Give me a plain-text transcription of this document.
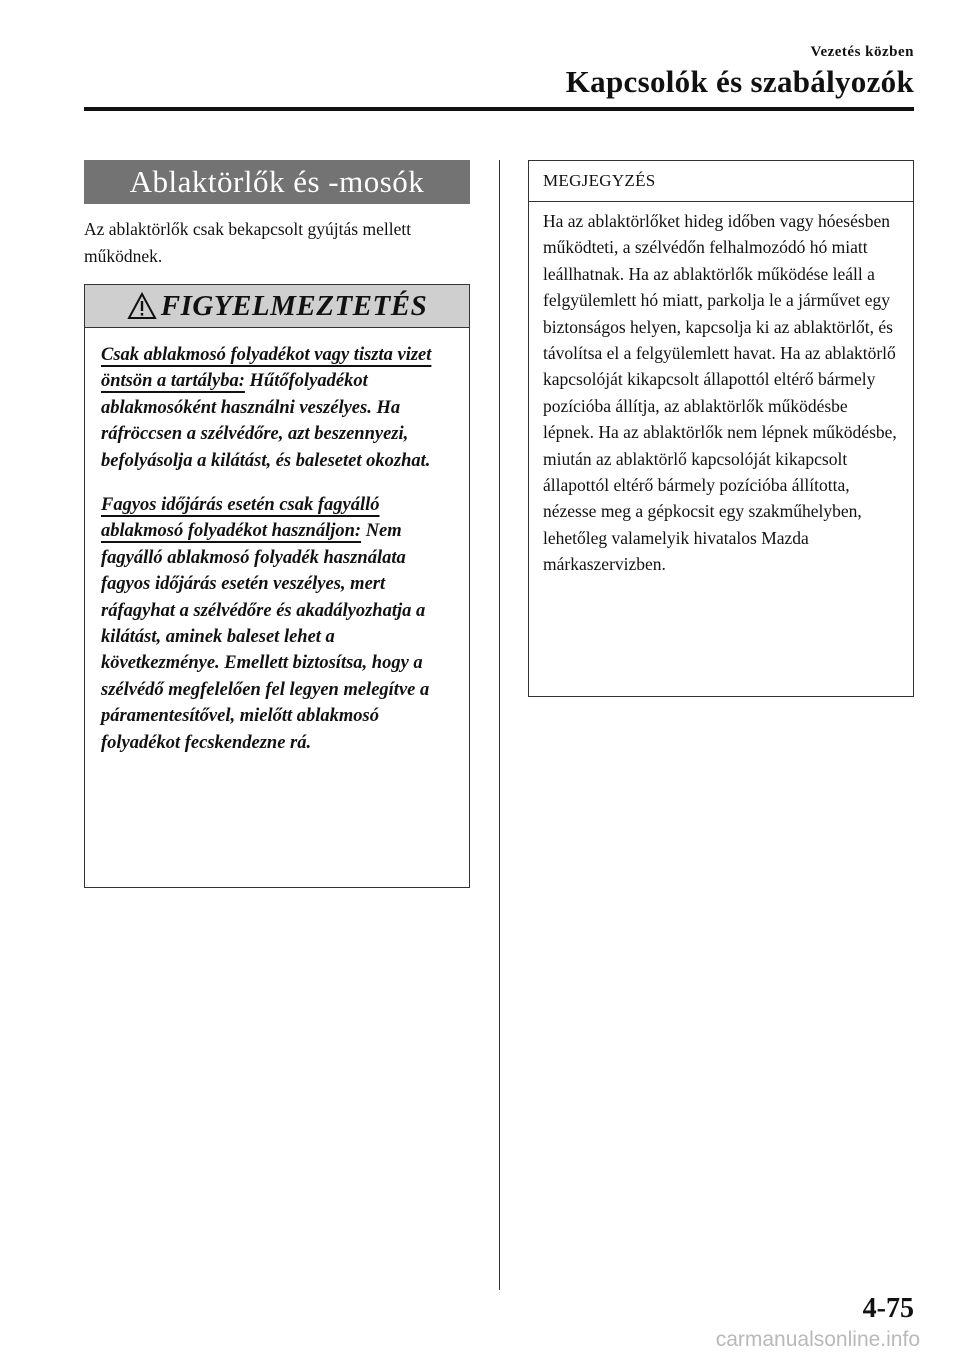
Vezetés közben
Kapcsolók és szabályozók
Ablaktörlők és -mosók

Az ablaktörlők csak bekapcsolt gyújtás mellett működnek.

FIGYELMEZTETÉS

Csak ablakmosó folyadékot vagy tiszta vizet öntsön a tartályba: Hűtőfolyadékot ablakmosóként használni veszélyes. Ha ráfröccsen a szélvédőre, azt beszennyezi, befolyásolja a kilátást, és balesetet okozhat.

Fagyos időjárás esetén csak fagyálló ablakmosó folyadékot használjon: Nem fagyálló ablakmosó folyadék használata fagyos időjárás esetén veszélyes, mert ráfagyhat a szélvédőre és akadályozhatja a kilátást, aminek baleset lehet a következménye. Emellett biztosítsa, hogy a szélvédő megfelelően fel legyen melegítve a páramentesítővel, mielőtt ablakmosó folyadékot fecskendezne rá.

MEGJEGYZÉS

Ha az ablaktörlőket hideg időben vagy hóesésben működteti, a szélvédőn felhalmozódó hó miatt leállhatnak. Ha az ablaktörlők működése leáll a felgyülemlett hó miatt, parkolja le a járművet egy biztonságos helyen, kapcsolja ki az ablaktörlőt, és távolítsa el a felgyülemlett havat. Ha az ablaktörlő kapcsolóját kikapcsolt állapottól eltérő bármely pozícióba állítja, az ablaktörlők működésbe lépnek. Ha az ablaktörlők nem lépnek működésbe, miután az ablaktörlő kapcsolóját kikapcsolt állapottól eltérő bármely pozícióba állította, nézesse meg a gépkocsit egy szakműhelyben, lehetőleg valamelyik hivatalos Mazda márkaszervizben.

4-75
carmanualsonline.info
